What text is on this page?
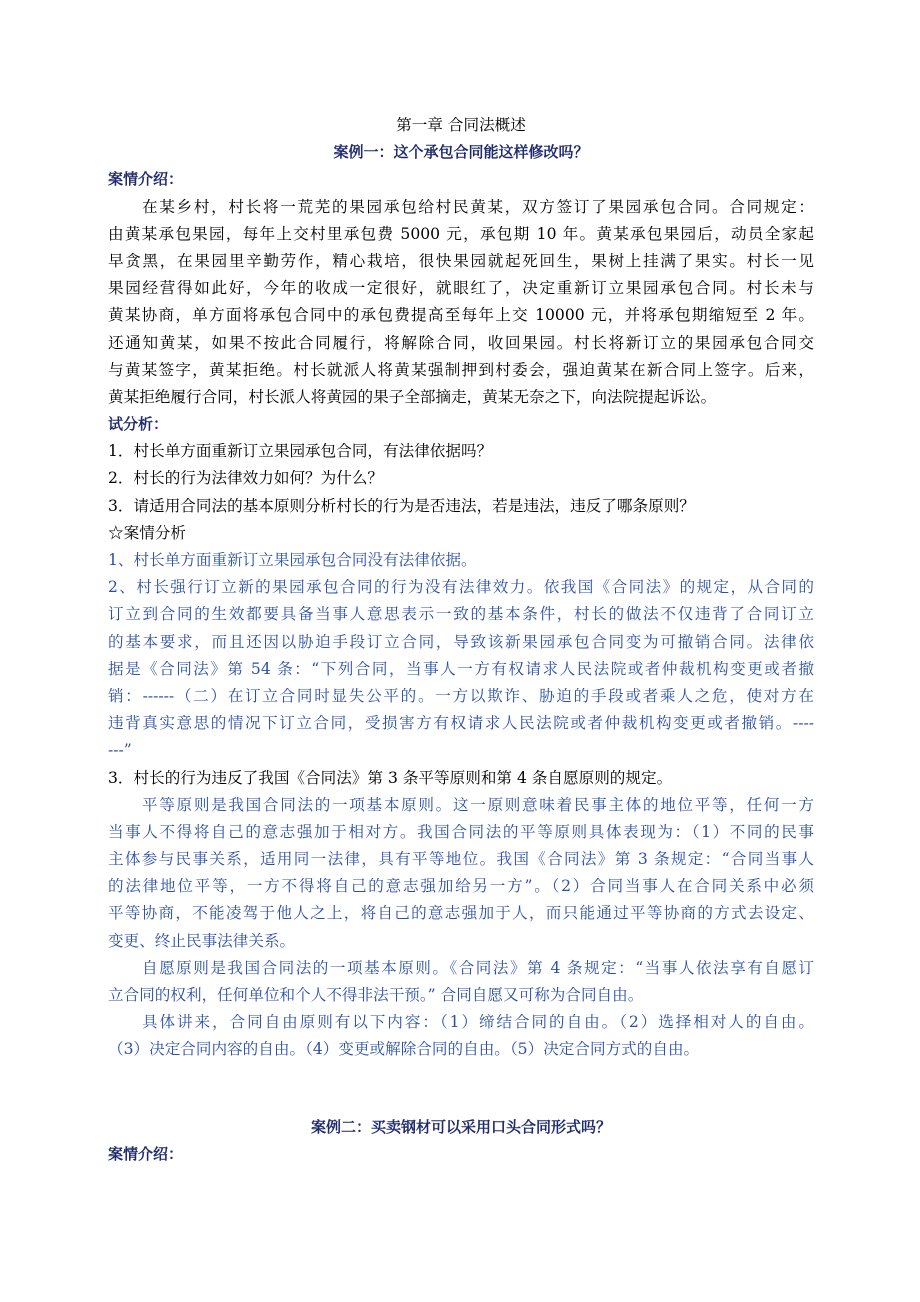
第一章 合同法概述
案例一：这个承包合同能这样修改吗？
案情介绍：
在某乡村，村长将一荒芜的果园承包给村民黄某，双方签订了果园承包合同。合同规定：
由黄某承包果园，每年上交村里承包费 5000 元，承包期 10 年。黄某承包果园后，动员全家起
早贪黑，在果园里辛勤劳作，精心栽培，很快果园就起死回生，果树上挂满了果实。村长一见
果园经营得如此好，今年的收成一定很好，就眼红了，决定重新订立果园承包合同。村长未与
黄某协商，单方面将承包合同中的承包费提高至每年上交 10000 元，并将承包期缩短至 2 年。
还通知黄某，如果不按此合同履行，将解除合同，收回果园。村长将新订立的果园承包合同交
与黄某签字，黄某拒绝。村长就派人将黄某强制押到村委会，强迫黄某在新合同上签字。后来，
黄某拒绝履行合同，村长派人将黄园的果子全部摘走，黄某无奈之下，向法院提起诉讼。
试分析：
1．村长单方面重新订立果园承包合同，有法律依据吗？
2．村长的行为法律效力如何？为什么？
3．请适用合同法的基本原则分析村长的行为是否违法，若是违法，违反了哪条原则？
☆案情分析
1、村长单方面重新订立果园承包合同没有法律依据。
2、村长强行订立新的果园承包合同的行为没有法律效力。依我国《合同法》的规定，从合同的
订立到合同的生效都要具备当事人意思表示一致的基本条件，村长的做法不仅违背了合同订立
的基本要求，而且还因以胁迫手段订立合同，导致该新果园承包合同变为可撤销合同。法律依
据是《合同法》第 54 条：“下列合同，当事人一方有权请求人民法院或者仲裁机构变更或者撤
销：------（二）在订立合同时显失公平的。一方以欺诈、胁迫的手段或者乘人之危，使对方在
违背真实意思的情况下订立合同，受损害方有权请求人民法院或者仲裁机构变更或者撤销。----
---”
3．村长的行为违反了我国《合同法》第 3 条平等原则和第 4 条自愿原则的规定。
平等原则是我国合同法的一项基本原则。这一原则意味着民事主体的地位平等，任何一方
当事人不得将自己的意志强加于相对方。我国合同法的平等原则具体表现为：（1）不同的民事
主体参与民事关系，适用同一法律，具有平等地位。我国《合同法》第 3 条规定：“合同当事人
的法律地位平等，一方不得将自己的意志强加给另一方”。（2）合同当事人在合同关系中必须
平等协商，不能凌驾于他人之上，将自己的意志强加于人，而只能通过平等协商的方式去设定、
变更、终止民事法律关系。
自愿原则是我国合同法的一项基本原则。《合同法》第 4 条规定：“当事人依法享有自愿订
立合同的权利，任何单位和个人不得非法干预。” 合同自愿又可称为合同自由。
具体讲来，合同自由原则有以下内容：（1）缔结合同的自由。（2）选择相对人的自由。
（3）决定合同内容的自由。（4）变更或解除合同的自由。（5）决定合同方式的自由。
案例二：买卖钢材可以采用口头合同形式吗？
案情介绍：
